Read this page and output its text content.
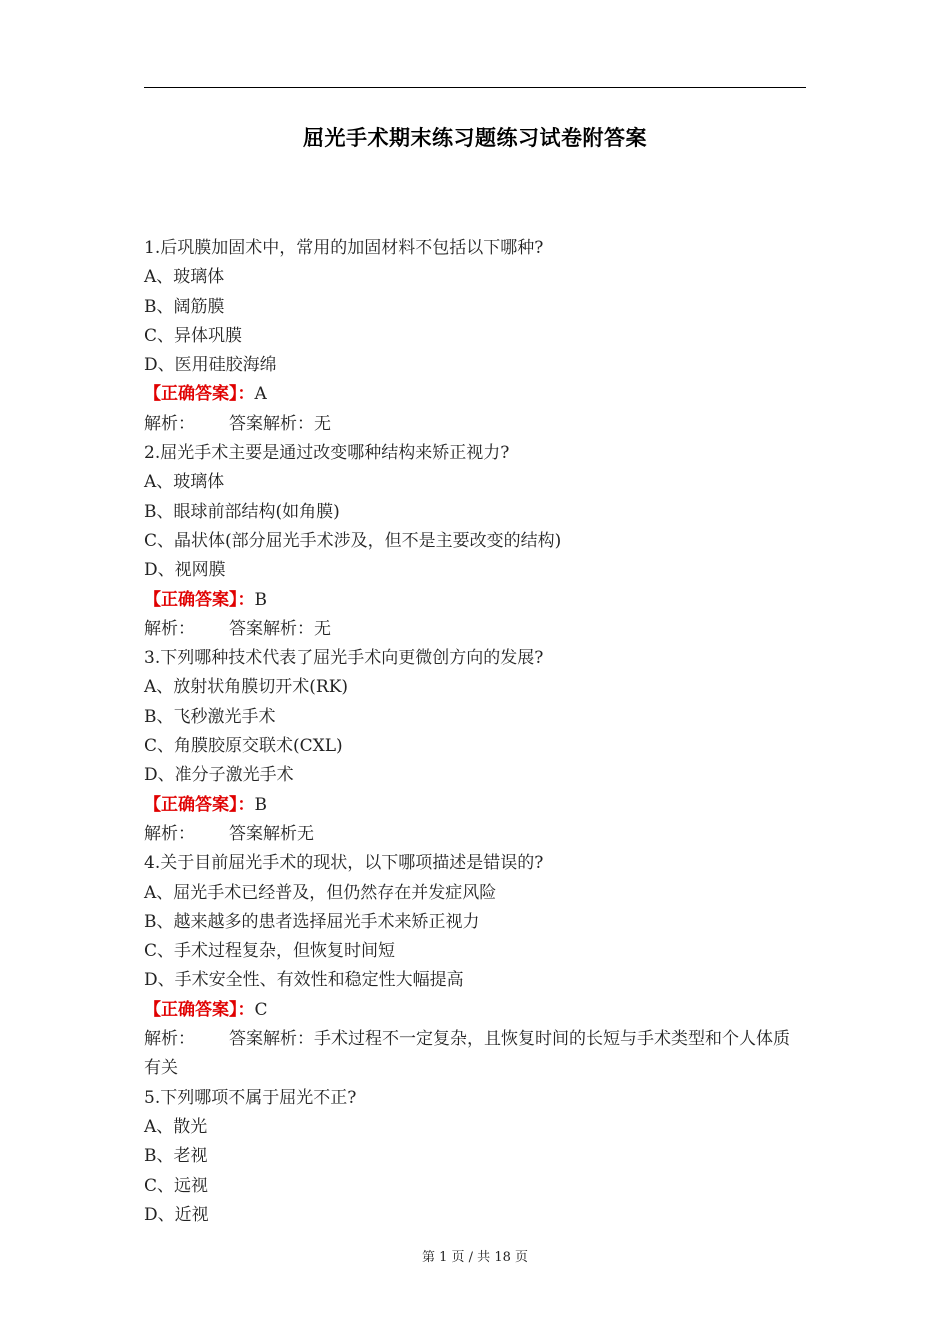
屈光手术期末练习题练习试卷附答案
1.后巩膜加固术中，常用的加固材料不包括以下哪种?
A、玻璃体
B、阔筋膜
C、异体巩膜
D、医用硅胶海绵
【正确答案】：A
解析： 答案解析：无
2.屈光手术主要是通过改变哪种结构来矫正视力?
A、玻璃体
B、眼球前部结构(如角膜)
C、晶状体(部分屈光手术涉及，但不是主要改变的结构)
D、视网膜
【正确答案】：B
解析： 答案解析：无
3.下列哪种技术代表了屈光手术向更微创方向的发展?
A、放射状角膜切开术(RK)
B、飞秒激光手术
C、角膜胶原交联术(CXL)
D、准分子激光手术
【正确答案】：B
解析： 答案解析无
4.关于目前屈光手术的现状，以下哪项描述是错误的?
A、屈光手术已经普及，但仍然存在并发症风险
B、越来越多的患者选择屈光手术来矫正视力
C、手术过程复杂，但恢复时间短
D、手术安全性、有效性和稳定性大幅提高
【正确答案】：C
解析： 答案解析：手术过程不一定复杂，且恢复时间的长短与手术类型和个人体质有关
5.下列哪项不属于屈光不正?
A、散光
B、老视
C、远视
D、近视
第 1 页 / 共 18 页
